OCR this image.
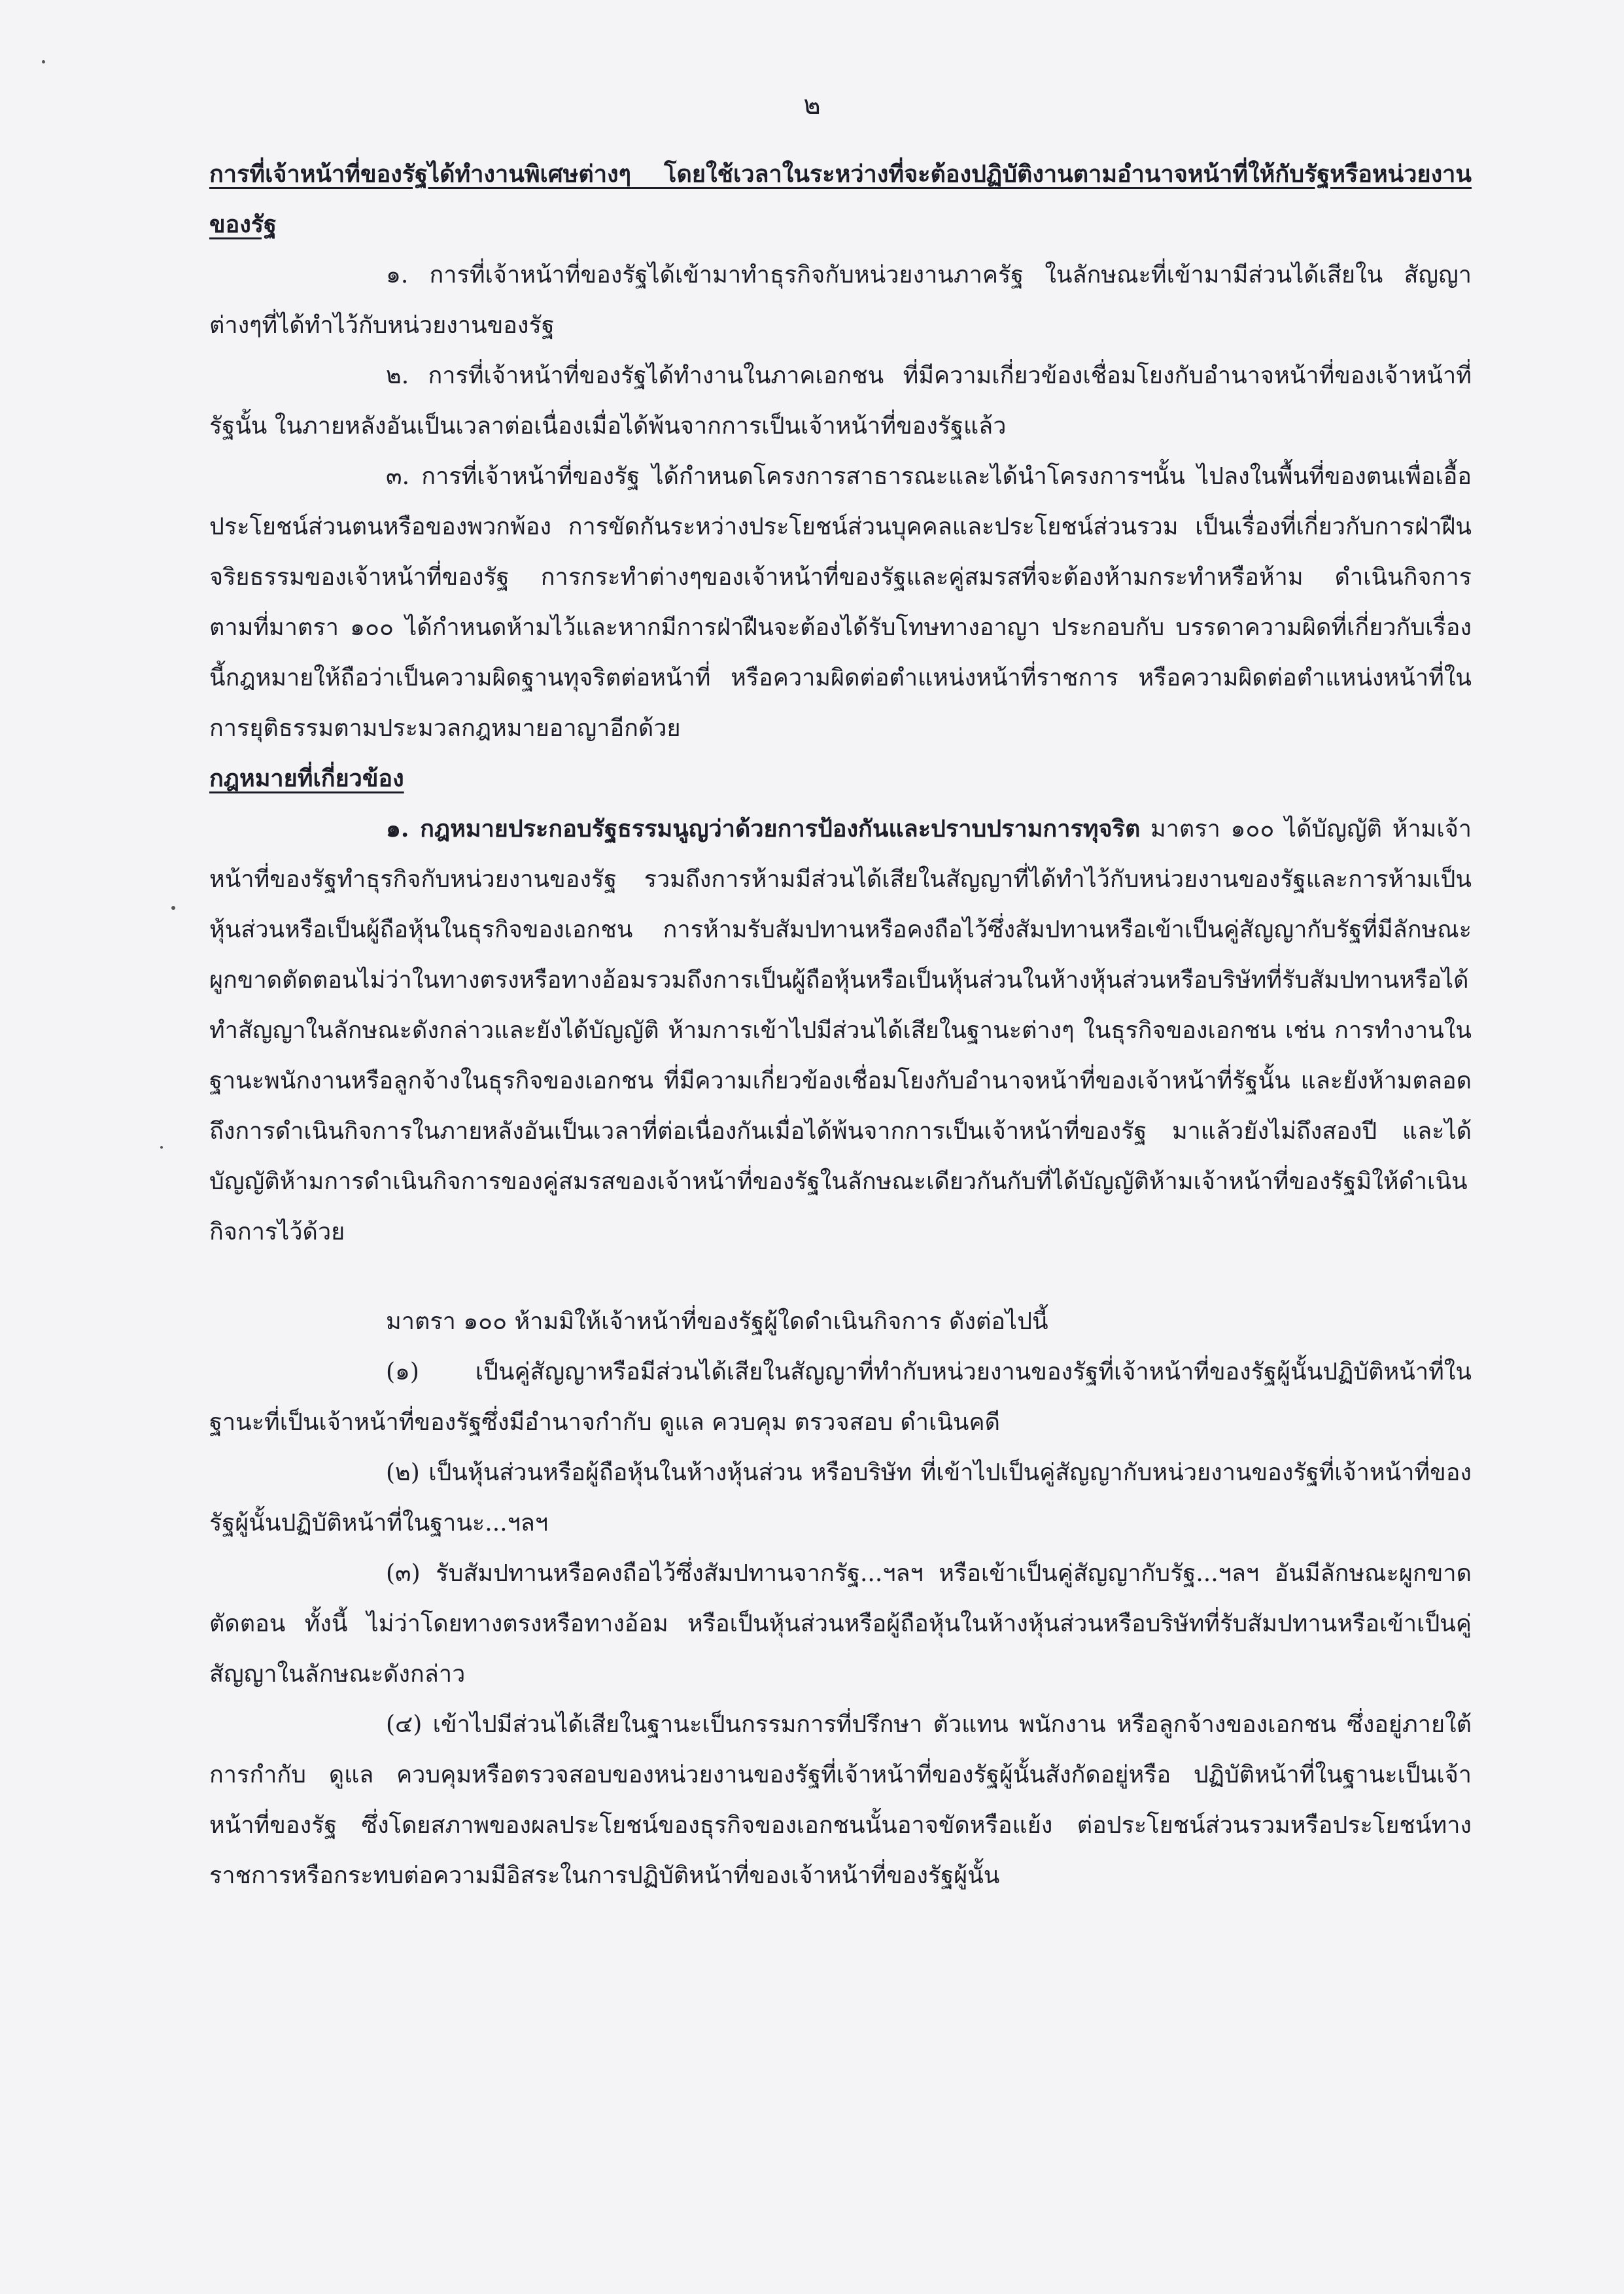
๒

การที่เจ้าหน้าที่ของรัฐได้ทำงานพิเศษต่างๆ โดยใช้เวลาในระหว่างที่จะต้องปฏิบัติงานตามอำนาจหน้าที่ให้กับรัฐหรือหน่วยงานของรัฐ

๑. การที่เจ้าหน้าที่ของรัฐได้เข้ามาทำธุรกิจกับหน่วยงานภาครัฐ ในลักษณะที่เข้ามามีส่วนได้เสียใน สัญญาต่างๆที่ได้ทำไว้กับหน่วยงานของรัฐ

๒. การที่เจ้าหน้าที่ของรัฐได้ทำงานในภาคเอกชน ที่มีความเกี่ยวข้องเชื่อมโยงกับอำนาจหน้าที่ของเจ้าหน้าที่รัฐนั้น ในภายหลังอันเป็นเวลาต่อเนื่องเมื่อได้พ้นจากการเป็นเจ้าหน้าที่ของรัฐแล้ว

๓. การที่เจ้าหน้าที่ของรัฐ ได้กำหนดโครงการสาธารณะและได้นำโครงการฯนั้น ไปลงในพื้นที่ของตนเพื่อเอื้อประโยชน์ส่วนตนหรือของพวกพ้อง การขัดกันระหว่างประโยชน์ส่วนบุคคลและประโยชน์ส่วนรวม เป็นเรื่องที่เกี่ยวกับการฝ่าฝืน จริยธรรมของเจ้าหน้าที่ของรัฐ การกระทำต่างๆของเจ้าหน้าที่ของรัฐและคู่สมรสที่จะต้องห้ามกระทำหรือห้าม ดำเนินกิจการ ตามที่มาตรา ๑๐๐ ได้กำหนดห้ามไว้และหากมีการฝ่าฝืนจะต้องได้รับโทษทางอาญา ประกอบกับ บรรดาความผิดที่เกี่ยวกับเรื่องนี้กฎหมายให้ถือว่าเป็นความผิดฐานทุจริตต่อหน้าที่ หรือความผิดต่อตำแหน่งหน้าที่ราชการ หรือความผิดต่อตำแหน่งหน้าที่ในการยุติธรรมตามประมวลกฎหมายอาญาอีกด้วย

กฎหมายที่เกี่ยวข้อง

๑. กฎหมายประกอบรัฐธรรมนูญว่าด้วยการป้องกันและปราบปรามการทุจริต มาตรา ๑๐๐ ได้บัญญัติ ห้ามเจ้าหน้าที่ของรัฐทำธุรกิจกับหน่วยงานของรัฐ รวมถึงการห้ามมีส่วนได้เสียในสัญญาที่ได้ทำไว้กับหน่วยงานของรัฐและการห้ามเป็นหุ้นส่วนหรือเป็นผู้ถือหุ้นในธุรกิจของเอกชน การห้ามรับสัมปทานหรือคงถือไว้ซึ่งสัมปทานหรือเข้าเป็นคู่สัญญากับรัฐที่มีลักษณะผูกขาดตัดตอนไม่ว่าในทางตรงหรือทางอ้อมรวมถึงการเป็นผู้ถือหุ้นหรือเป็นหุ้นส่วนในห้างหุ้นส่วนหรือบริษัทที่รับสัมปทานหรือได้ทำสัญญาในลักษณะดังกล่าวและยังได้บัญญัติ ห้ามการเข้าไปมีส่วนได้เสียในฐานะต่างๆ ในธุรกิจของเอกชน เช่น การทำงานในฐานะพนักงานหรือลูกจ้างในธุรกิจของเอกชน ที่มีความเกี่ยวข้องเชื่อมโยงกับอำนาจหน้าที่ของเจ้าหน้าที่รัฐนั้น และยังห้ามตลอดถึงการดำเนินกิจการในภายหลังอันเป็นเวลาที่ต่อเนื่องกันเมื่อได้พ้นจากการเป็นเจ้าหน้าที่ของรัฐ มาแล้วยังไม่ถึงสองปี และได้บัญญัติห้ามการดำเนินกิจการของคู่สมรสของเจ้าหน้าที่ของรัฐในลักษณะเดียวกันกับที่ได้บัญญัติห้ามเจ้าหน้าที่ของรัฐมิให้ดำเนินกิจการไว้ด้วย

มาตรา ๑๐๐ ห้ามมิให้เจ้าหน้าที่ของรัฐผู้ใดดำเนินกิจการ ดังต่อไปนี้

(๑) เป็นคู่สัญญาหรือมีส่วนได้เสียในสัญญาที่ทำกับหน่วยงานของรัฐที่เจ้าหน้าที่ของรัฐผู้นั้นปฏิบัติหน้าที่ในฐานะที่เป็นเจ้าหน้าที่ของรัฐซึ่งมีอำนาจกำกับ ดูแล ควบคุม ตรวจสอบ ดำเนินคดี

(๒) เป็นหุ้นส่วนหรือผู้ถือหุ้นในห้างหุ้นส่วน หรือบริษัท ที่เข้าไปเป็นคู่สัญญากับหน่วยงานของรัฐที่เจ้าหน้าที่ของรัฐผู้นั้นปฏิบัติหน้าที่ในฐานะ...ฯลฯ

(๓) รับสัมปทานหรือคงถือไว้ซึ่งสัมปทานจากรัฐ...ฯลฯ หรือเข้าเป็นคู่สัญญากับรัฐ...ฯลฯ อันมีลักษณะผูกขาดตัดตอน ทั้งนี้ ไม่ว่าโดยทางตรงหรือทางอ้อม หรือเป็นหุ้นส่วนหรือผู้ถือหุ้นในห้างหุ้นส่วนหรือบริษัทที่รับสัมปทานหรือเข้าเป็นคู่สัญญาในลักษณะดังกล่าว

(๔) เข้าไปมีส่วนได้เสียในฐานะเป็นกรรมการที่ปรึกษา ตัวแทน พนักงาน หรือลูกจ้างของเอกชน ซึ่งอยู่ภายใต้การกำกับ ดูแล ควบคุมหรือตรวจสอบของหน่วยงานของรัฐที่เจ้าหน้าที่ของรัฐผู้นั้นสังกัดอยู่หรือ ปฏิบัติหน้าที่ในฐานะเป็นเจ้าหน้าที่ของรัฐ ซึ่งโดยสภาพของผลประโยชน์ของธุรกิจของเอกชนนั้นอาจขัดหรือแย้ง ต่อประโยชน์ส่วนรวมหรือประโยชน์ทางราชการหรือกระทบต่อความมีอิสระในการปฏิบัติหน้าที่ของเจ้าหน้าที่ของรัฐผู้นั้น
